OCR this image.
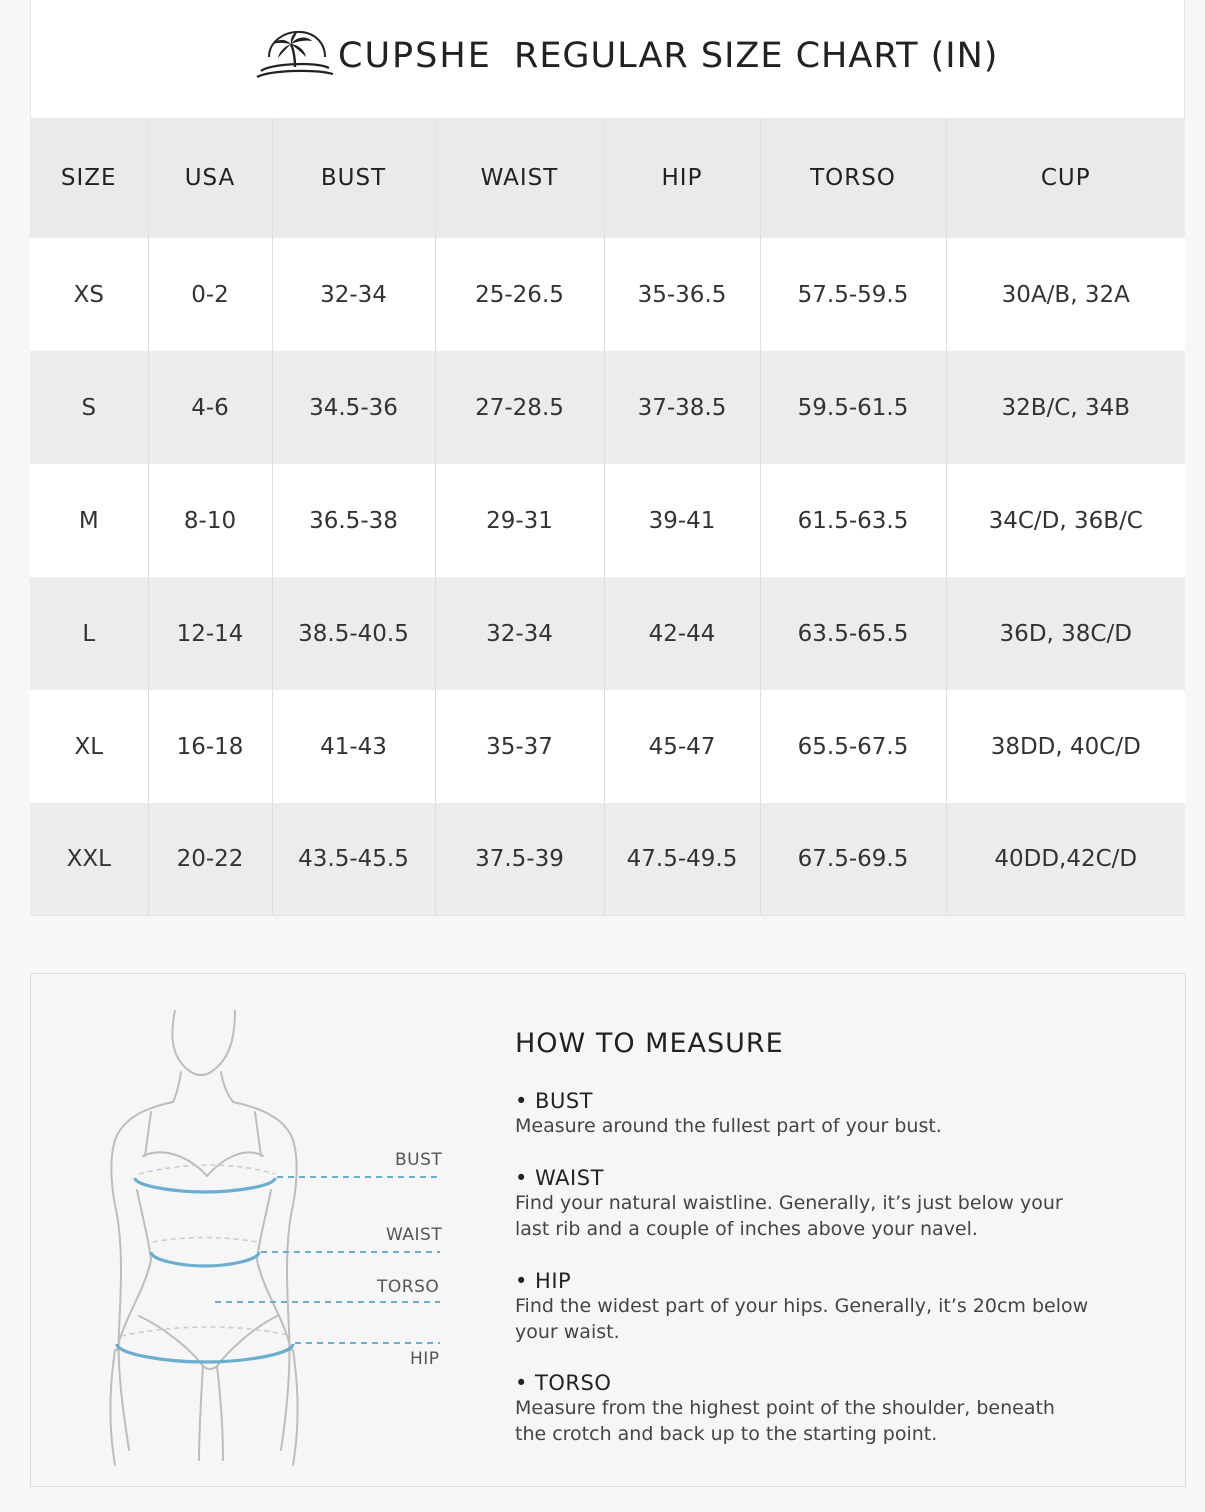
CUPSHE REGULAR SIZE CHART (IN)
SIZE	USA	BUST	WAIST	HIP	TORSO	CUP
XS	0-2	32-34	25-26.5	35-36.5	57.5-59.5	30A/B, 32A
S	4-6	34.5-36	27-28.5	37-38.5	59.5-61.5	32B/C, 34B
M	8-10	36.5-38	29-31	39-41	61.5-63.5	34C/D, 36B/C
L	12-14	38.5-40.5	32-34	42-44	63.5-65.5	36D, 38C/D
XL	16-18	41-43	35-37	45-47	65.5-67.5	38DD, 40C/D
XXL	20-22	43.5-45.5	37.5-39	47.5-49.5	67.5-69.5	40DD,42C/D
BUST
WAIST
TORSO
HIP
HOW TO MEASURE
• BUST
Measure around the fullest part of your bust.
• WAIST
Find your natural waistline. Generally, it’s just below your
last rib and a couple of inches above your navel.
• HIP
Find the widest part of your hips. Generally, it’s 20cm below
your waist.
• TORSO
Measure from the highest point of the shoulder, beneath
the crotch and back up to the starting point.
